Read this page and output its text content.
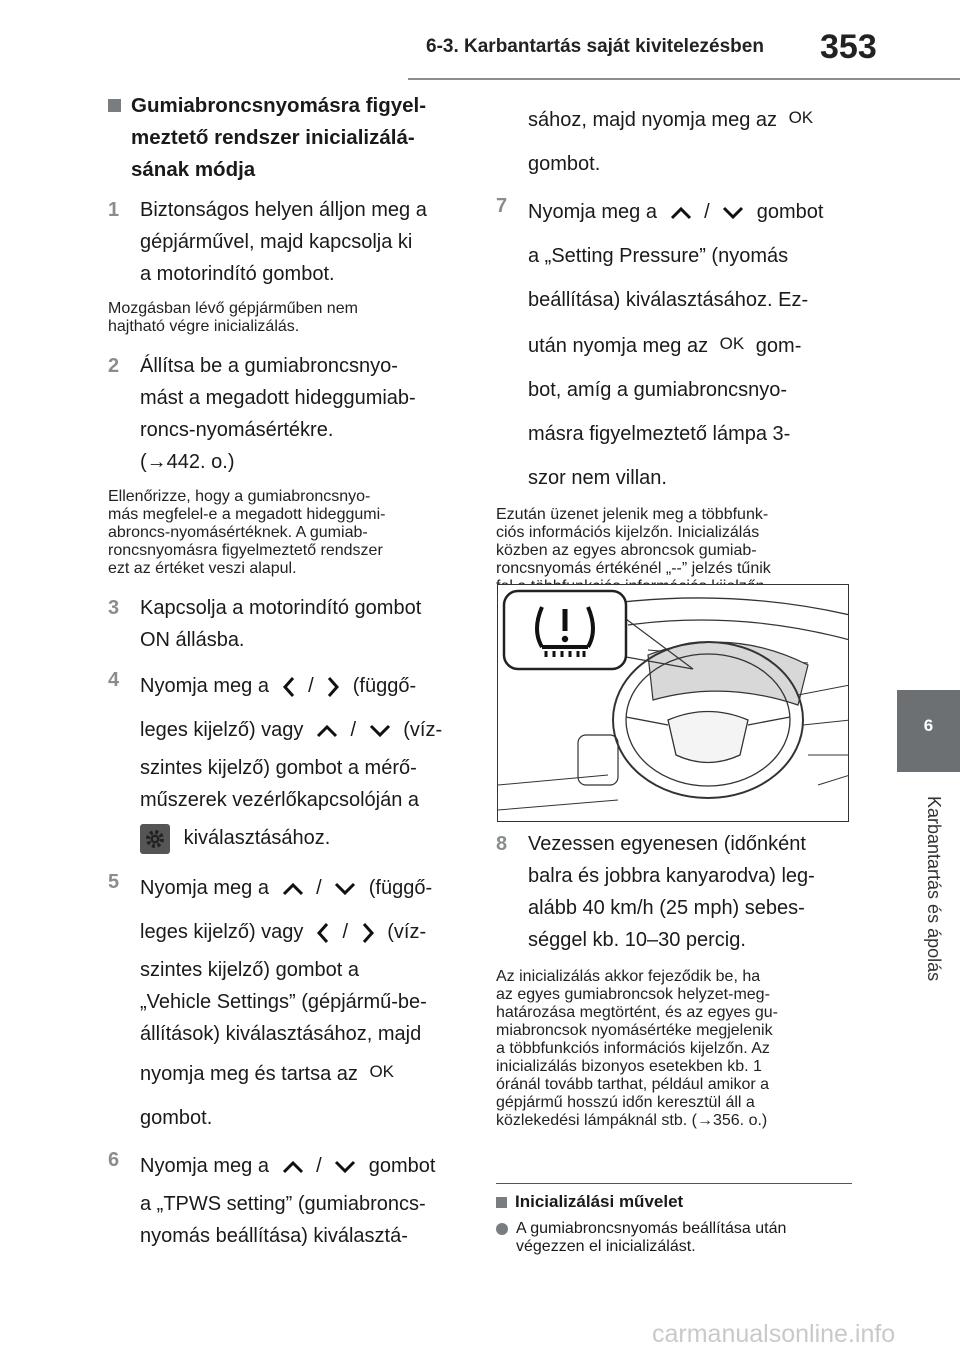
6-3. Karbantartás saját kivitelezésben 353
6
Karbantartás és ápolás
Gumiabroncsnyomásra figyel-
meztető rendszer inicializálá-
sának módja
1	Biztonságos helyen álljon meg a
gépjárművel, majd kapcsolja ki
a motorindító gombot.
Mozgásban lévő gépjárműben nem
hajtható végre inicializálás.
2	Állítsa be a gumiabroncsnyo-
mást a megadott hideggumiab-
roncs-nyomásértékre.
(→442. o.)
Ellenőrizze, hogy a gumiabroncsnyo-
más megfelel-e a megadott hideggumi-
abroncs-nyomásértéknek. A gumiab-
roncsnyomásra figyelmeztető rendszer
ezt az értéket veszi alapul.
3	Kapcsolja a motorindító gombot
ON állásba.
4	Nyomja meg a / (függő-
leges kijelző) vagy / (víz-
szintes kijelző) gombot a mérő-
műszerek vezérlőkapcsolóján a
kiválasztásához.
5	Nyomja meg a / (függő-
leges kijelző) vagy / (víz-
szintes kijelző) gombot a
„Vehicle Settings” (gépjármű-be-
állítások) kiválasztásához, majd
nyomja meg és tartsa az OK
gombot.
6	Nyomja meg a / gombot
a „TPWS setting” (gumiabroncs-
nyomás beállítása) kiválasztá-
sához, majd nyomja meg az OK
gombot.
7	Nyomja meg a / gombot
a „Setting Pressure” (nyomás
beállítása) kiválasztásához. Ez-
után nyomja meg az OK gom-
bot, amíg a gumiabroncsnyo-
másra figyelmeztető lámpa 3-
szor nem villan.
Ezután üzenet jelenik meg a többfunk-
ciós információs kijelzőn. Inicializálás
közben az egyes abroncsok gumiab-
roncsnyomás értékénél „--” jelzés tűnik
8	Vezessen egyenesen (időnként
balra és jobbra kanyarodva) leg-
alább 40 km/h (25 mph) sebes-
séggel kb. 10–30 percig.
Az inicializálás akkor fejeződik be, ha
az egyes gumiabroncsok helyzet-meg-
határozása megtörtént, és az egyes gu-
miabroncsok nyomásértéke megjelenik
a többfunkciós információs kijelzőn. Az
inicializálás bizonyos esetekben kb. 1
óránál tovább tarthat, például amikor a
gépjármű hosszú időn keresztül áll a
közlekedési lámpáknál stb. (→356. o.)
Inicializálási művelet
A gumiabroncsnyomás beállítása után
végezzen el inicializálást.
carmanualsonline.info
